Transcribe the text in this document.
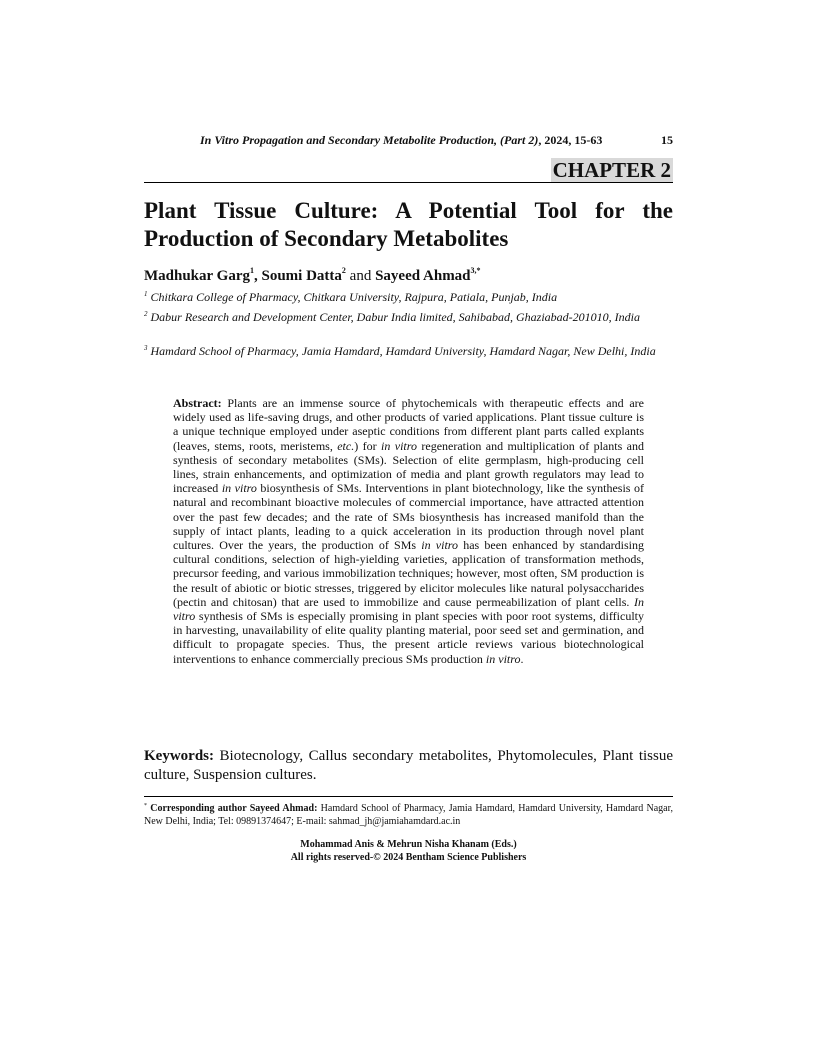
In Vitro Propagation and Secondary Metabolite Production, (Part 2), 2024, 15-63	15
CHAPTER 2
Plant Tissue Culture: A Potential Tool for the Production of Secondary Metabolites
Madhukar Garg$^1$, Soumi Datta$^2$ and Sayeed Ahmad$^{3,*}$
$^1$ Chitkara College of Pharmacy, Chitkara University, Rajpura, Patiala, Punjab, India
$^2$ Dabur Research and Development Center, Dabur India limited, Sahibabad, Ghaziabad-201010, India
$^3$ Hamdard School of Pharmacy, Jamia Hamdard, Hamdard University, Hamdard Nagar, New Delhi, India
Abstract: Plants are an immense source of phytochemicals with therapeutic effects and are widely used as life-saving drugs, and other products of varied applications. Plant tissue culture is a unique technique employed under aseptic conditions from different plant parts called explants (leaves, stems, roots, meristems, etc.) for in vitro regeneration and multiplication of plants and synthesis of secondary metabolites (SMs). Selection of elite germplasm, high-producing cell lines, strain enhancements, and optimization of media and plant growth regulators may lead to increased in vitro biosynthesis of SMs. Interventions in plant biotechnology, like the synthesis of natural and recombinant bioactive molecules of commercial importance, have attracted attention over the past few decades; and the rate of SMs biosynthesis has increased manifold than the supply of intact plants, leading to a quick acceleration in its production through novel plant cultures. Over the years, the production of SMs in vitro has been enhanced by standardising cultural conditions, selection of high-yielding varieties, application of transformation methods, precursor feeding, and various immobilization techniques; however, most often, SM production is the result of abiotic or biotic stresses, triggered by elicitor molecules like natural polysaccharides (pectin and chitosan) that are used to immobilize and cause permeabilization of plant cells. In vitro synthesis of SMs is especially promising in plant species with poor root systems, difficulty in harvesting, unavailability of elite quality planting material, poor seed set and germination, and difficult to propagate species. Thus, the present article reviews various biotechnological interventions to enhance commercially precious SMs production in vitro.
Keywords: Biotecnology, Callus secondary metabolites, Phytomolecules, Plant tissue culture, Suspension cultures.
* Corresponding author Sayeed Ahmad: Hamdard School of Pharmacy, Jamia Hamdard, Hamdard University, Hamdard Nagar, New Delhi, India; Tel: 09891374647; E-mail: sahmad_jh@jamiahamdard.ac.in
Mohammad Anis & Mehrun Nisha Khanam (Eds.)
All rights reserved-© 2024 Bentham Science Publishers
